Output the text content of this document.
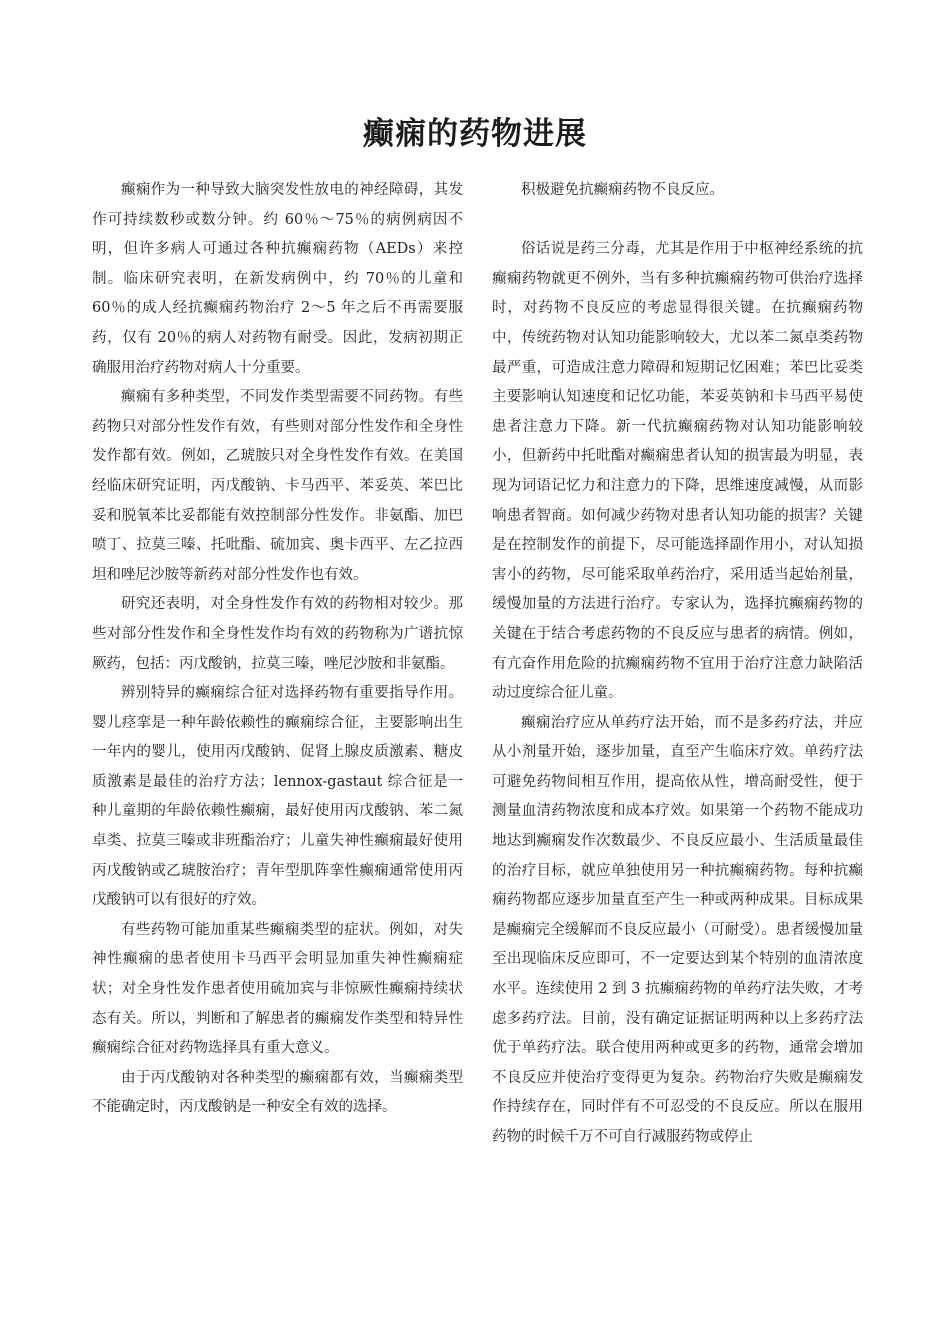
癫痫的药物进展

癫痫作为一种导致大脑突发性放电的神经障碍，其发作可持续数秒或数分钟。约 60％～75％的病例病因不明，但许多病人可通过各种抗癫痫药物（AEDs）来控制。临床研究表明，在新发病例中，约 70％的儿童和 60％的成人经抗癫痫药物治疗 2～5 年之后不再需要服药，仅有 20％的病人对药物有耐受。因此，发病初期正确服用治疗药物对病人十分重要。

癫痫有多种类型，不同发作类型需要不同药物。有些药物只对部分性发作有效，有些则对部分性发作和全身性发作都有效。例如，乙琥胺只对全身性发作有效。在美国经临床研究证明，丙戊酸钠、卡马西平、苯妥英、苯巴比妥和脱氧苯比妥都能有效控制部分性发作。非氨酯、加巴喷丁、拉莫三嗪、托吡酯、硫加宾、奥卡西平、左乙拉西坦和唑尼沙胺等新药对部分性发作也有效。

研究还表明，对全身性发作有效的药物相对较少。那些对部分性发作和全身性发作均有效的药物称为广谱抗惊厥药，包括：丙戊酸钠，拉莫三嗪，唑尼沙胺和非氨酯。

辨别特异的癫痫综合征对选择药物有重要指导作用。婴儿痉挛是一种年龄依赖性的癫痫综合征，主要影响出生一年内的婴儿，使用丙戊酸钠、促肾上腺皮质激素、糖皮质激素是最佳的治疗方法；lennox-gastaut 综合征是一种儿童期的年龄依赖性癫痫，最好使用丙戊酸钠、苯二氮卓类、拉莫三嗪或非班酯治疗；儿童失神性癫痫最好使用丙戊酸钠或乙琥胺治疗；青年型肌阵挛性癫痫通常使用丙戊酸钠可以有很好的疗效。

有些药物可能加重某些癫痫类型的症状。例如，对失神性癫痫的患者使用卡马西平会明显加重失神性癫痫症状；对全身性发作患者使用硫加宾与非惊厥性癫痫持续状态有关。所以，判断和了解患者的癫痫发作类型和特异性癫痫综合征对药物选择具有重大意义。

由于丙戊酸钠对各种类型的癫痫都有效，当癫痫类型不能确定时，丙戊酸钠是一种安全有效的选择。

积极避免抗癫痫药物不良反应。

俗话说是药三分毒，尤其是作用于中枢神经系统的抗癫痫药物就更不例外，当有多种抗癫痫药物可供治疗选择时，对药物不良反应的考虑显得很关键。在抗癫痫药物中，传统药物对认知功能影响较大，尤以苯二氮卓类药物最严重，可造成注意力障碍和短期记忆困难；苯巴比妥类主要影响认知速度和记忆功能，苯妥英钠和卡马西平易使患者注意力下降。新一代抗癫痫药物对认知功能影响较小，但新药中托吡酯对癫痫患者认知的损害最为明显，表现为词语记忆力和注意力的下降，思维速度减慢，从而影响患者智商。如何减少药物对患者认知功能的损害？关键是在控制发作的前提下，尽可能选择副作用小，对认知损害小的药物，尽可能采取单药治疗，采用适当起始剂量，缓慢加量的方法进行治疗。专家认为，选择抗癫痫药物的关键在于结合考虑药物的不良反应与患者的病情。例如，有亢奋作用危险的抗癫痫药物不宜用于治疗注意力缺陷活动过度综合征儿童。

癫痫治疗应从单药疗法开始，而不是多药疗法，并应从小剂量开始，逐步加量，直至产生临床疗效。单药疗法可避免药物间相互作用，提高依从性，增高耐受性，便于测量血清药物浓度和成本疗效。如果第一个药物不能成功地达到癫痫发作次数最少、不良反应最小、生活质量最佳的治疗目标，就应单独使用另一种抗癫痫药物。每种抗癫痫药物都应逐步加量直至产生一种或两种成果。目标成果是癫痫完全缓解而不良反应最小（可耐受）。患者缓慢加量至出现临床反应即可，不一定要达到某个特别的血清浓度水平。连续使用 2 到 3 抗癫痫药物的单药疗法失败，才考虑多药疗法。目前，没有确定证据证明两种以上多药疗法优于单药疗法。联合使用两种或更多的药物，通常会增加不良反应并使治疗变得更为复杂。药物治疗失败是癫痫发作持续存在，同时伴有不可忍受的不良反应。所以在服用药物的时候千万不可自行减服药物或停止
